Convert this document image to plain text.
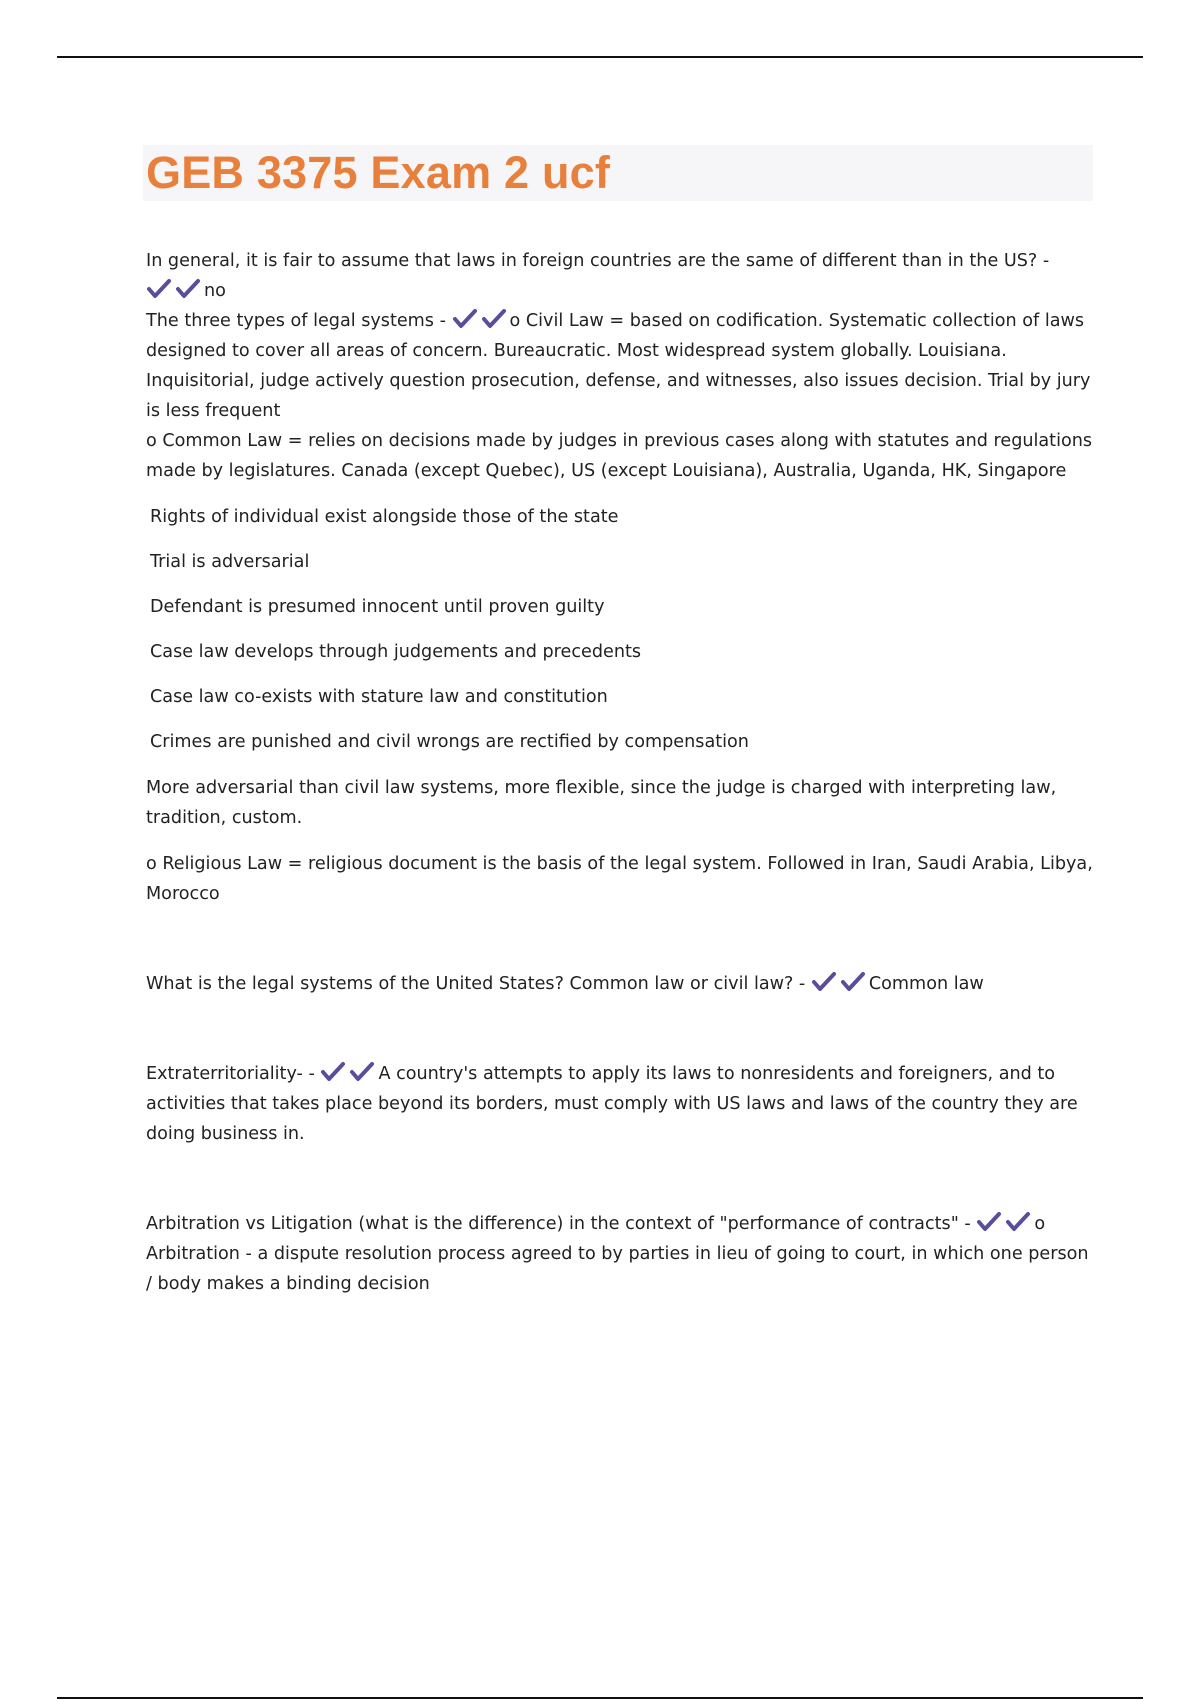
GEB 3375 Exam 2 ucf

In general, it is fair to assume that laws in foreign countries are the same of different than in the US? -

no

The three types of legal systems -	o Civil Law = based on codification. Systematic collection of laws designed to cover all areas of concern. Bureaucratic. Most widespread system globally. Louisiana. Inquisitorial, judge actively question prosecution, defense, and witnesses, also issues decision. Trial by jury is less frequent

o Common Law = relies on decisions made by judges in previous cases along with statutes and regulations made by legislatures. Canada (except Quebec), US (except Louisiana), Australia, Uganda, HK, Singapore

Rights of individual exist alongside those of the state

Trial is adversarial

Defendant is presumed innocent until proven guilty

Case law develops through judgements and precedents

Case law co-exists with stature law and constitution

Crimes are punished and civil wrongs are rectified by compensation

More adversarial than civil law systems, more flexible, since the judge is charged with interpreting law, tradition, custom.

o Religious Law = religious document is the basis of the legal system. Followed in Iran, Saudi Arabia, Libya, Morocco

What is the legal systems of the United States? Common law or civil law? -	Common law

Extraterritoriality- -	A country's attempts to apply its laws to nonresidents and foreigners, and to activities that takes place beyond its borders, must comply with US laws and laws of the country they are doing business in.

Arbitration vs Litigation (what is the difference) in the context of "performance of contracts" -	o Arbitration - a dispute resolution process agreed to by parties in lieu of going to court, in which one person / body makes a binding decision
